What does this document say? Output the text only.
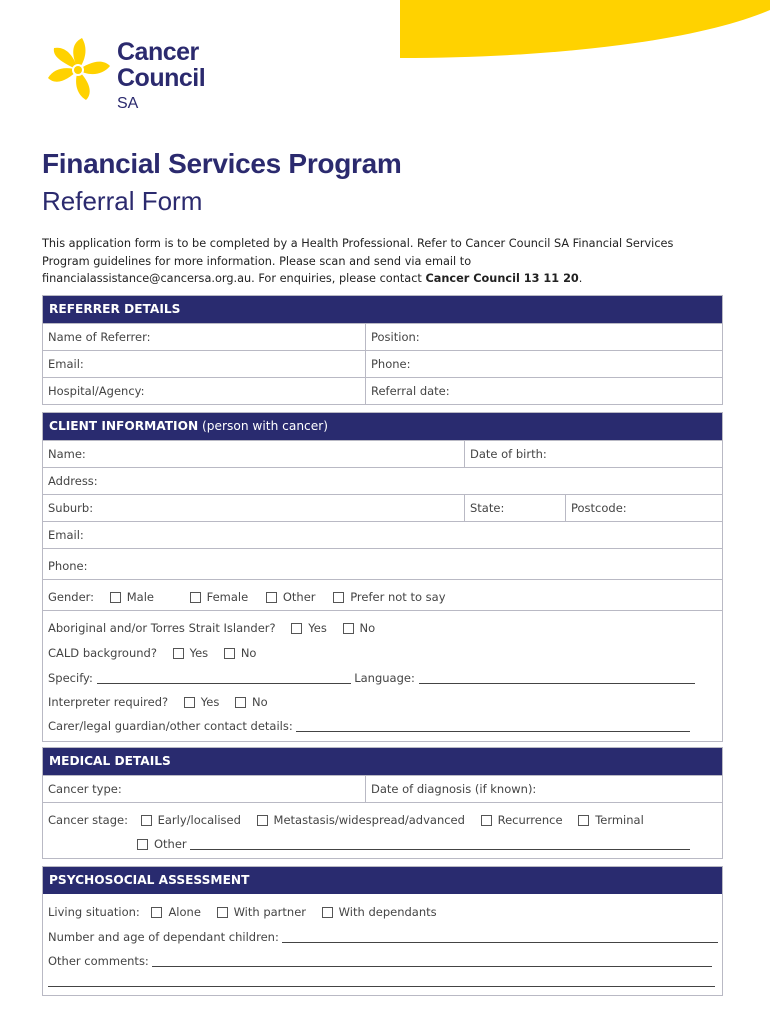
Cancer
Council
SA
Financial Services Program
Referral Form
This application form is to be completed by a Health Professional. Refer to Cancer Council SA Financial Services Program guidelines for more information. Please scan and send via email to financialassistance@cancersa.org.au. For enquiries, please contact Cancer Council 13 11 20.
REFERRER DETAILS
Name of Referrer:	Position:
Email:	Phone:
Hospital/Agency:	Referral date:
CLIENT INFORMATION (person with cancer)
Name:	Date of birth:
Address:
Suburb:	State:	Postcode:
Email:
Phone:
Gender:	Male	Female	Other	Prefer not to say
Aboriginal and/or Torres Strait Islander?	Yes	No
CALD background?	Yes	No
Specify:	Language:
Interpreter required?	Yes	No
Carer/legal guardian/other contact details:
MEDICAL DETAILS
Cancer type:	Date of diagnosis (if known):
Cancer stage:	Early/localised	Metastasis/widespread/advanced	Recurrence	Terminal
Other
PSYCHOSOCIAL ASSESSMENT
Living situation: Alone	With partner	With dependants
Number and age of dependant children:
Other comments:
